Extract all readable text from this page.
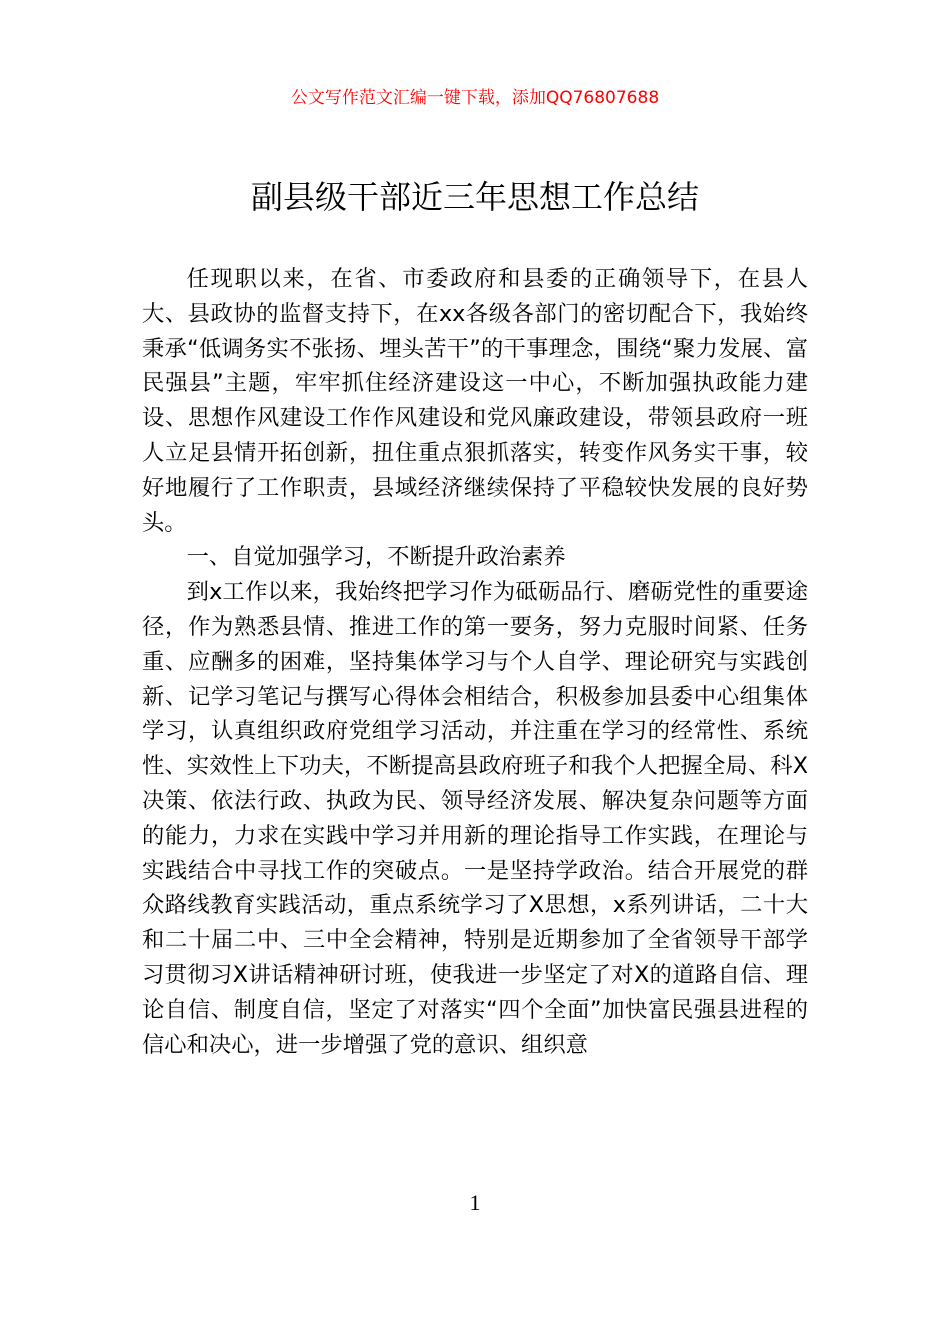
公文写作范文汇编一键下载，添加QQ76807688
副县级干部近三年思想工作总结

任现职以来，在省、市委政府和县委的正确领导下，在县人大、县政协的监督支持下，在xx各级各部门的密切配合下，我始终秉承“低调务实不张扬、埋头苦干”的干事理念，围绕“聚力发展、富民强县”主题，牢牢抓住经济建设这一中心，不断加强执政能力建设、思想作风建设工作作风建设和党风廉政建设，带领县政府一班人立足县情开拓创新，扭住重点狠抓落实，转变作风务实干事，较好地履行了工作职责，县域经济继续保持了平稳较快发展的良好势头。

一、自觉加强学习，不断提升政治素养

到x工作以来，我始终把学习作为砥砺品行、磨砺党性的重要途径，作为熟悉县情、推进工作的第一要务，努力克服时间紧、任务重、应酬多的困难，坚持集体学习与个人自学、理论研究与实践创新、记学习笔记与撰写心得体会相结合，积极参加县委中心组集体学习，认真组织政府党组学习活动，并注重在学习的经常性、系统性、实效性上下功夫，不断提高县政府班子和我个人把握全局、科X决策、依法行政、执政为民、领导经济发展、解决复杂问题等方面的能力，力求在实践中学习并用新的理论指导工作实践，在理论与实践结合中寻找工作的突破点。一是坚持学政治。结合开展党的群众路线教育实践活动，重点系统学习了X思想，x系列讲话，二十大和二十届二中、三中全会精神，特别是近期参加了全省领导干部学习贯彻习X讲话精神研讨班，使我进一步坚定了对X的道路自信、理论自信、制度自信，坚定了对落实“四个全面”加快富民强县进程的信心和决心，进一步增强了党的意识、组织意

1
